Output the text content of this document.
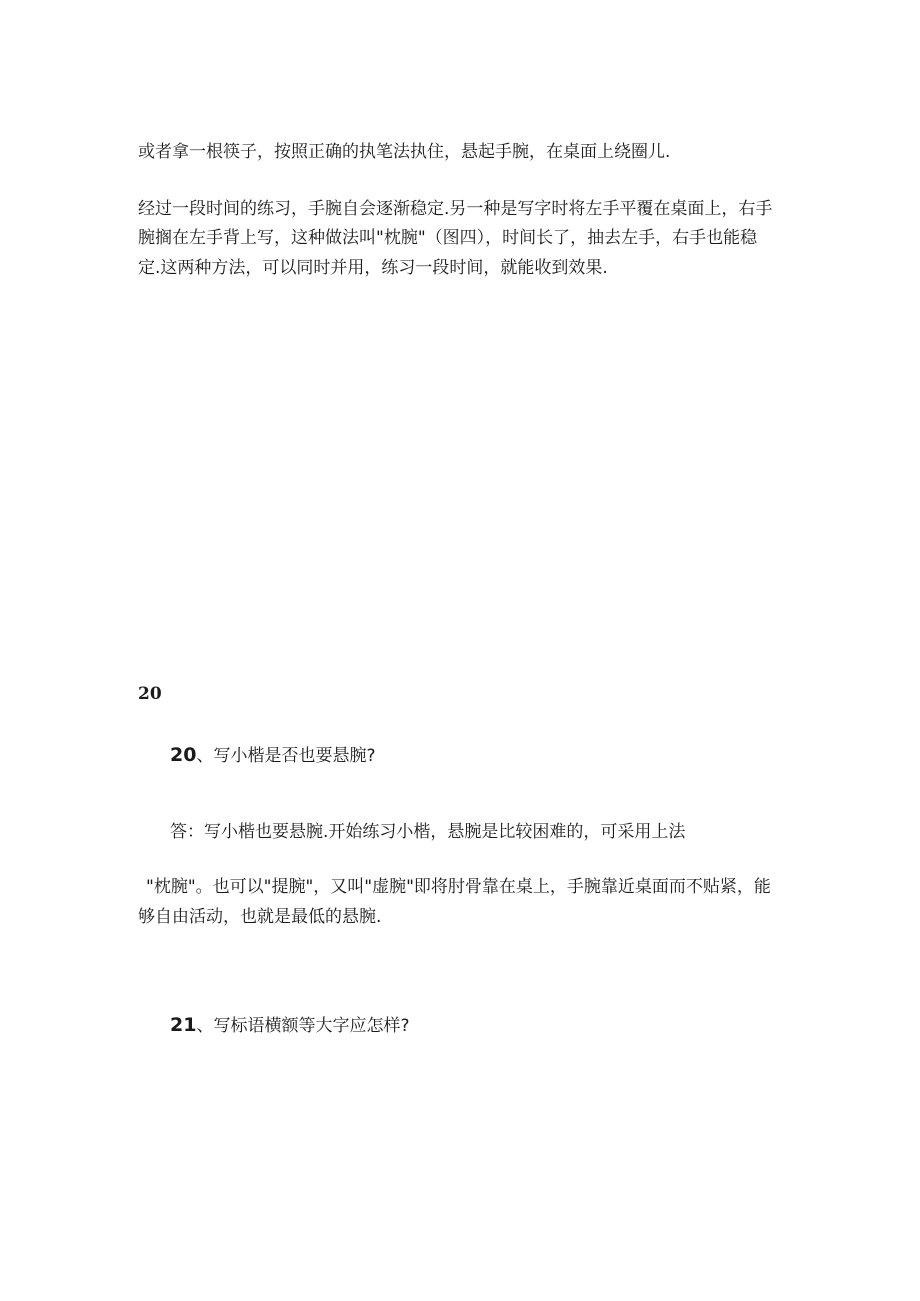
或者拿一根筷子，按照正确的执笔法执住，悬起手腕，在桌面上绕圈儿.
经过一段时间的练习，手腕自会逐渐稳定.另一种是写字时将左手平覆在桌面上，右手
腕搁在左手背上写，这种做法叫"枕腕"（图四），时间长了，抽去左手，右手也能稳
定.这两种方法，可以同时并用，练习一段时间，就能收到效果.
20
20、写小楷是否也要悬腕?
答：写小楷也要悬腕.开始练习小楷，悬腕是比较困难的，可采用上法
"枕腕"。也可以"提腕"，又叫"虚腕"即将肘骨靠在桌上，手腕靠近桌面而不贴紧，能
够自由活动，也就是最低的悬腕.
21、写标语横额等大字应怎样?
